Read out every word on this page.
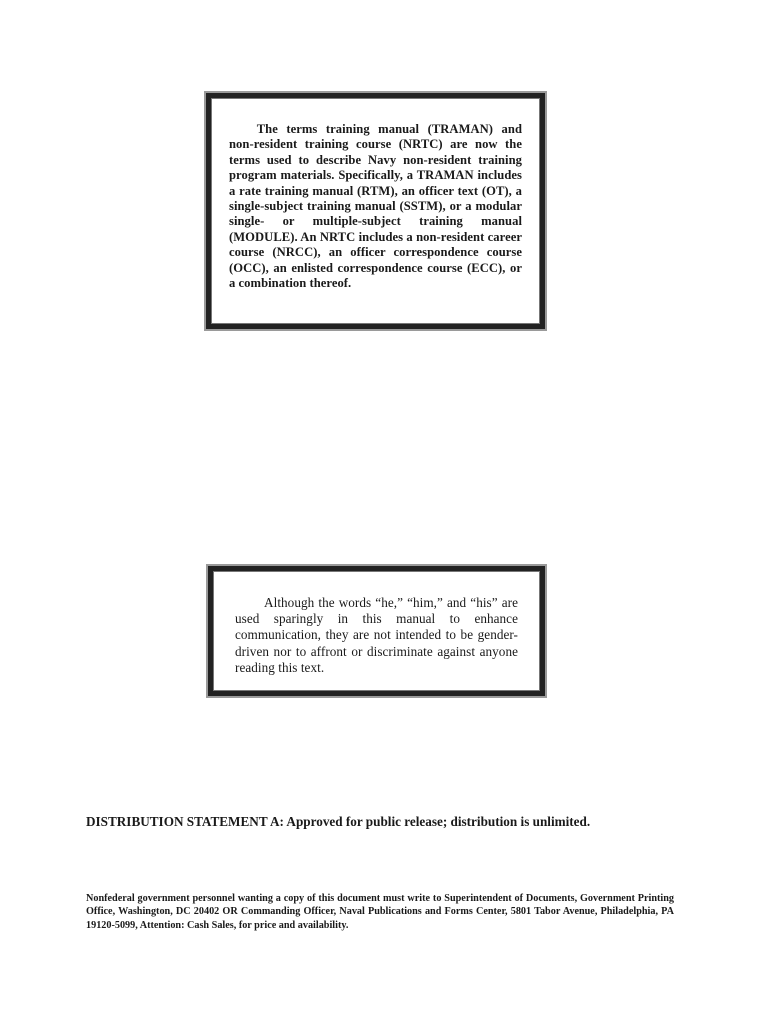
The terms training manual (TRAMAN) and non-resident training course (NRTC) are now the terms used to describe Navy non-resident training program materials. Specifically, a TRAMAN includes a rate training manual (RTM), an officer text (OT), a single-subject training manual (SSTM), or a modular single- or multiple-subject training manual (MODULE). An NRTC includes a non-resident career course (NRCC), an officer correspondence course (OCC), an enlisted correspondence course (ECC), or a combination thereof.

Although the words “he,” “him,” and “his” are used sparingly in this manual to enhance communication, they are not intended to be gender-driven nor to affront or discriminate against anyone reading this text.

DISTRIBUTION STATEMENT A: Approved for public release; distribution is unlimited.
Nonfederal government personnel wanting a copy of this document must write to Superintendent of Documents, Government Printing Office, Washington, DC 20402 OR Commanding Officer, Naval Publications and Forms Center, 5801 Tabor Avenue, Philadelphia, PA 19120-5099, Attention: Cash Sales, for price and availability.
